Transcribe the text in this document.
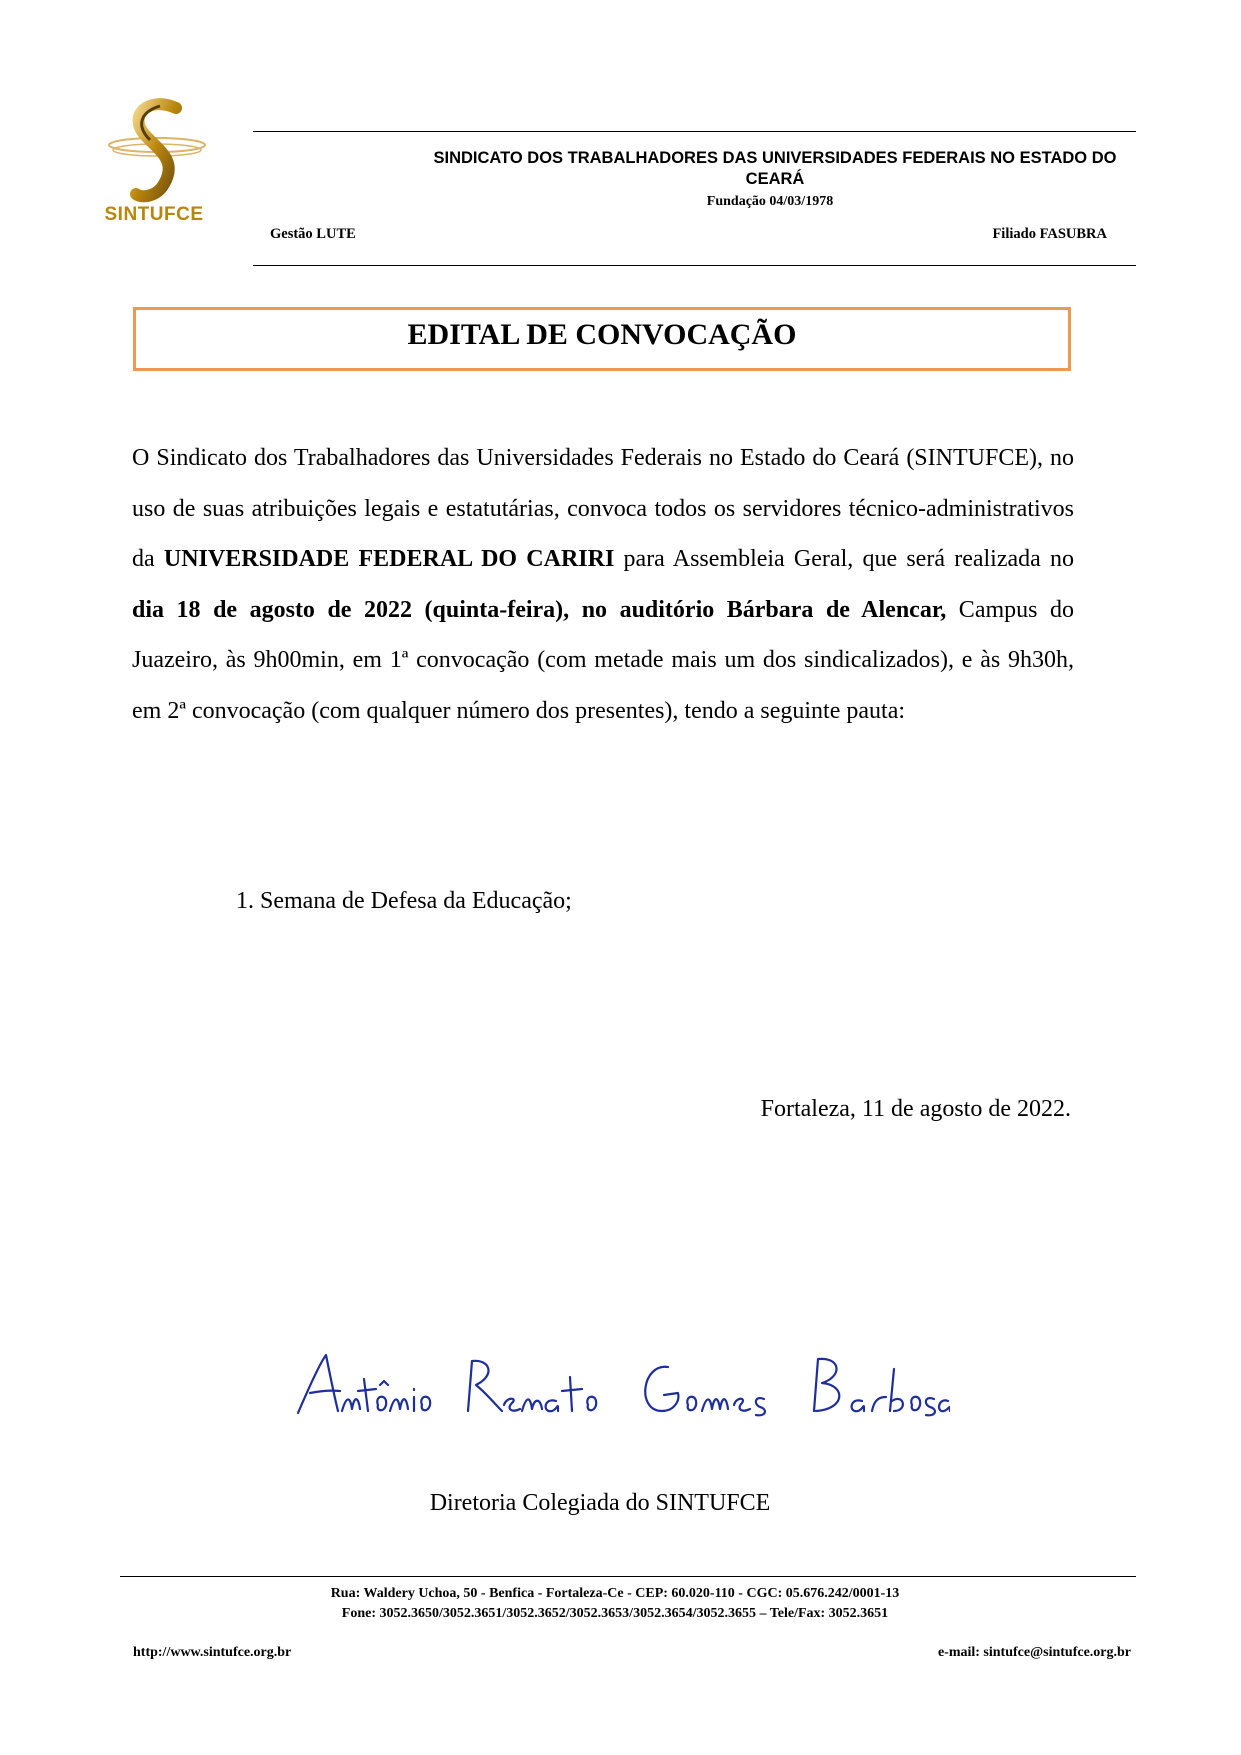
SINTUFCE
SINDICATO DOS TRABALHADORES DAS UNIVERSIDADES FEDERAIS NO ESTADO DO CEARÁ
Fundação 04/03/1978
Gestão LUTE	Filiado FASUBRA
EDITAL DE CONVOCAÇÃO

O Sindicato dos Trabalhadores das Universidades Federais no Estado do Ceará (SINTUFCE), no uso de suas atribuições legais e estatutárias, convoca todos os servidores técnico-administrativos da UNIVERSIDADE FEDERAL DO CARIRI para Assembleia Geral, que será realizada no dia 18 de agosto de 2022 (quinta-feira), no auditório Bárbara de Alencar, Campus do Juazeiro, às 9h00min, em 1ª convocação (com metade mais um dos sindicalizados), e às 9h30h, em 2ª convocação (com qualquer número dos presentes), tendo a seguinte pauta:

1. Semana de Defesa da Educação;
Fortaleza, 11 de agosto de 2022.
Diretoria Colegiada do SINTUFCE
Rua: Waldery Uchoa, 50 - Benfica - Fortaleza-Ce - CEP: 60.020-110 - CGC: 05.676.242/0001-13
Fone: 3052.3650/3052.3651/3052.3652/3052.3653/3052.3654/3052.3655 – Tele/Fax: 3052.3651
http://www.sintufce.org.br	e-mail: sintufce@sintufce.org.br
